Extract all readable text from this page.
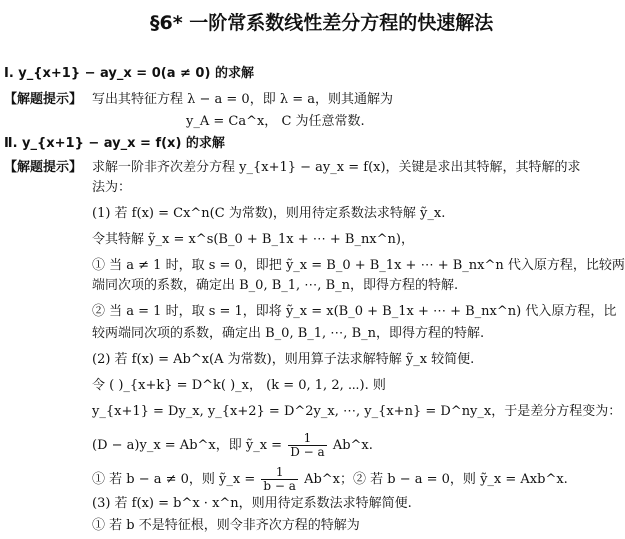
§6* 一阶常系数线性差分方程的快速解法
Ⅰ. y_{x+1} − ay_x = 0(a ≠ 0) 的求解
【解题提示】 写出其特征方程 λ − a = 0，即 λ = a，则其通解为
y_A = Ca^x， C 为任意常数.
Ⅱ. y_{x+1} − ay_x = f(x) 的求解
【解题提示】 求解一阶非齐次差分方程 y_{x+1} − ay_x = f(x)，关键是求出其特解，其特解的求
法为：
(1) 若 f(x) = Cx^n(C 为常数)，则用待定系数法求特解 ỹ_x.
令其特解 ỹ_x = x^s(B_0 + B_1x + ⋯ + B_nx^n)，
① 当 a ≠ 1 时，取 s = 0，即把 ỹ_x = B_0 + B_1x + ⋯ + B_nx^n 代入原方程，比较两
端同次项的系数，确定出 B_0, B_1, ⋯, B_n，即得方程的特解.
② 当 a = 1 时，取 s = 1，即将 ỹ_x = x(B_0 + B_1x + ⋯ + B_nx^n) 代入原方程，比
较两端同次项的系数，确定出 B_0, B_1, ⋯, B_n，即得方程的特解.
(2) 若 f(x) = Ab^x(A 为常数)，则用算子法求解特解 ỹ_x 较简便.
令 ( )_{x+k} = D^k( )_x， (k = 0, 1, 2, ⋯). 则
y_{x+1} = Dy_x, y_{x+2} = D^2y_x, ⋯, y_{x+n} = D^ny_x，于是差分方程变为：
(D − a)y_x = Ab^x，即 ỹ_x = $\frac{1}{D - a}$ Ab^x.
① 若 b − a ≠ 0，则 ỹ_x = $\frac{1}{b - a}$ Ab^x；② 若 b − a = 0，则 ỹ_x = Axb^x.
(3) 若 f(x) = b^x · x^n，则用待定系数法求特解简便.
① 若 b 不是特征根，则令非齐次方程的特解为
